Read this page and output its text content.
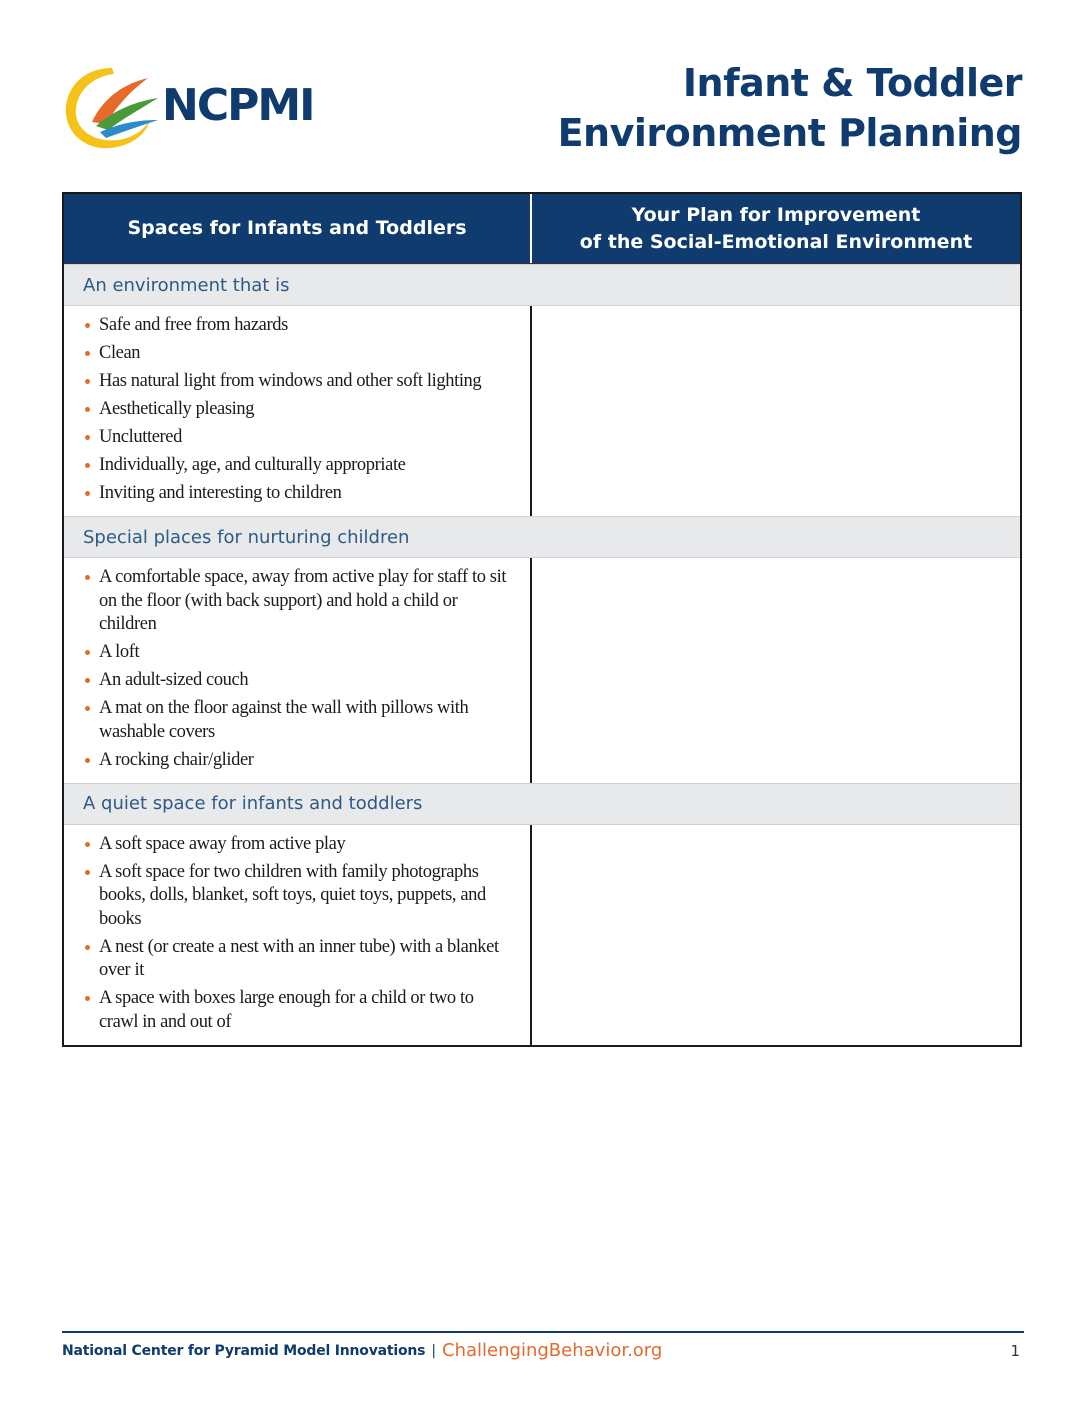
NCPMI	Infant & Toddler
Environment Planning
Spaces for Infants and Toddlers
Your Plan for Improvement
of the Social-Emotional Environment
An environment that is
Safe and free from hazards
Clean
Has natural light from windows and other soft lighting
Aesthetically pleasing
Uncluttered
Individually, age, and culturally appropriate
Inviting and interesting to children
Special places for nurturing children
A comfortable space, away from active play for staff to sit on the floor (with back support) and hold a child or children
A loft
An adult-sized couch
A mat on the floor against the wall with pillows with washable covers
A rocking chair/glider
A quiet space for infants and toddlers
A soft space away from active play
A soft space for two children with family photographs books, dolls, blanket, soft toys, quiet toys, puppets, and books
A nest (or create a nest with an inner tube) with a blanket over it
A space with boxes large enough for a child or two to crawl in and out of
National Center for Pyramid Model Innovations | ChallengingBehavior.org	1
